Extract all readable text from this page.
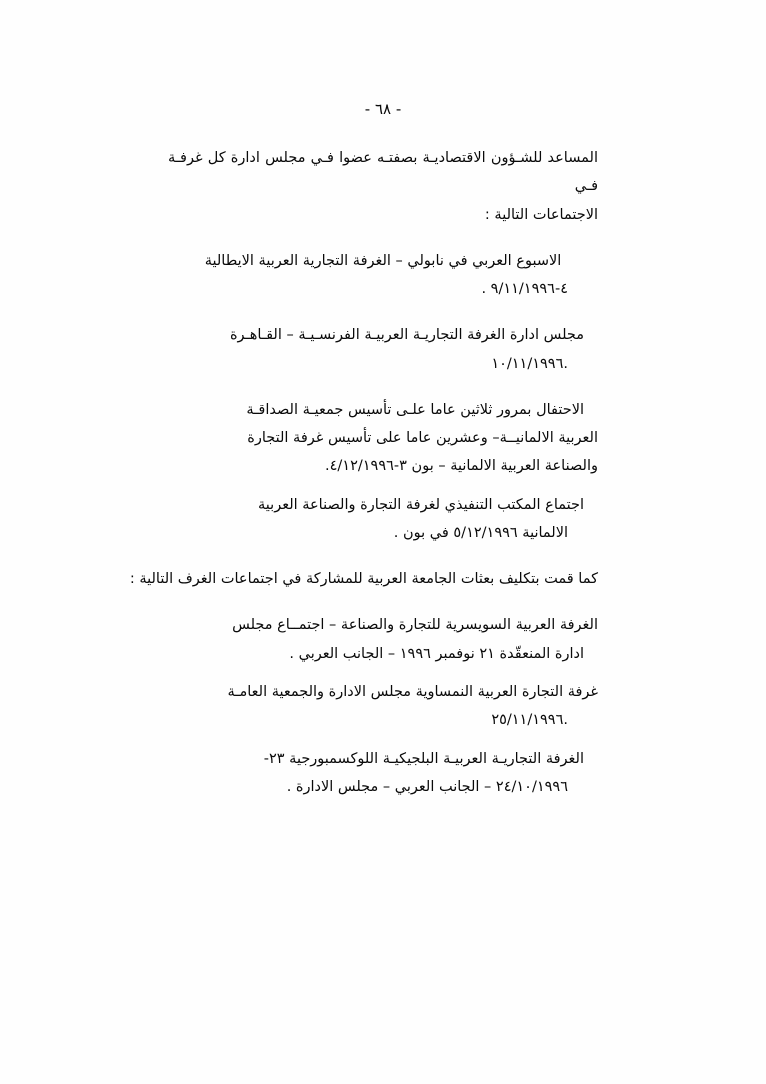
- ٦٨ -
المساعد للشـؤون الاقتصاديـة بصفتـه عضوا فـي مجلس ادارة كل غرفـة فـي
الاجتماعات التالية :
الاسبوع العربي في نابولي – الغرفة التجارية العربية الايطالية
٤-٩/١١/١٩٩٦ .
مجلس ادارة الغرفة التجاريـة العربيـة الفرنسـيـة – القـاهـرة
.١٠/١١/١٩٩٦
الاحتفال بمرور ثلاثين عاما علـى تأسيس جمعيـة الصداقـة
العربية الالمانيــة– وعشرين عاما على تأسيس غرفة التجارة
والصناعة العربية الالمانية – بون ٣-٤/١٢/١٩٩٦.
اجتماع المكتب التنفيذي لغرفة التجارة والصناعة العربية
الالمانية ٥/١٢/١٩٩٦ في بون .
كما قمت بتكليف بعثات الجامعة العربية للمشاركة في اجتماعات الغرف التالية :
الغرفة العربية السويسرية للتجارة والصناعة – اجتمــاع مجلس
ادارة المنعقّدة ٢١ نوفمبر ١٩٩٦ – الجانب العربي .
غرفة التجارة العربية النمساوية مجلس الادارة والجمعية العامـة
.٢٥/١١/١٩٩٦
الغرفة التجاريـة العربيـة البلجيكيـة اللوكسمبورجية ٢٣-
٢٤/١٠/١٩٩٦ – الجانب العربي – مجلس الادارة .
